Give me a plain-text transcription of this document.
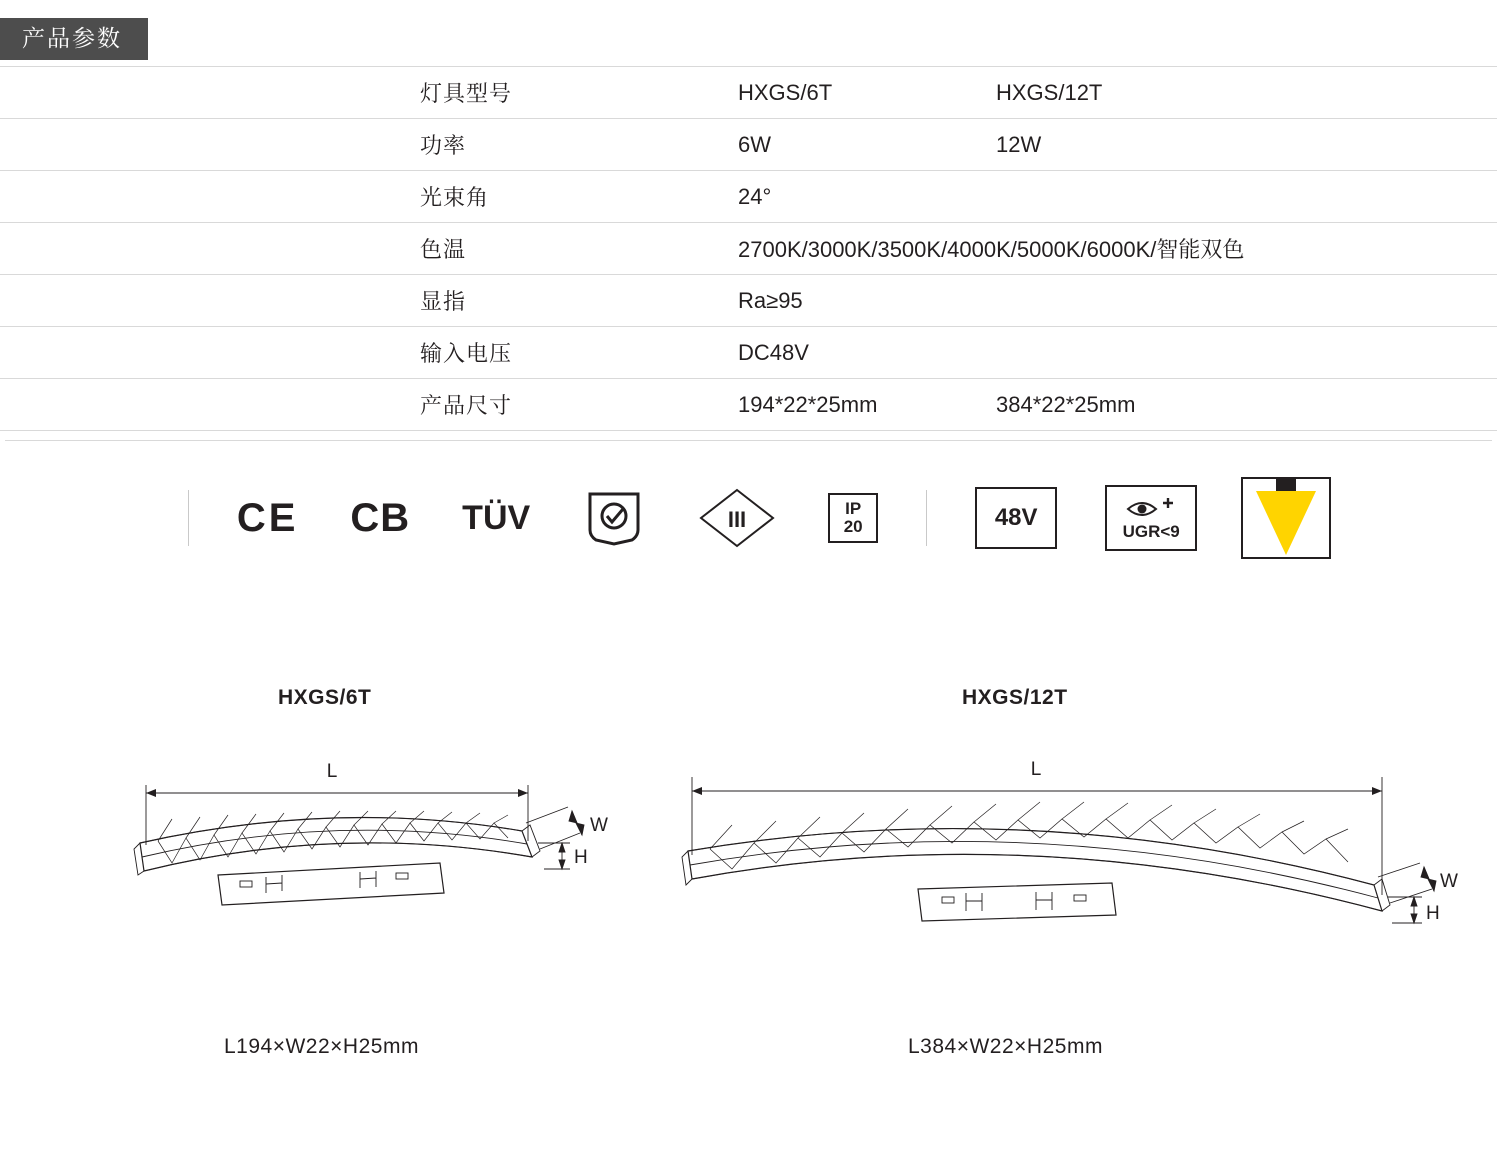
产品参数
	灯具型号	HXGS/6T	HXGS/12T	
	功率	6W	12W	
	光束角	24°		
	色温	2700K/3000K/3500K/4000K/5000K/6000K/智能双色		
	显指	Ra≥95		
	输入电压	DC48V		
	产品尺寸	194*22*25mm	384*22*25mm	
CE CB TÜV	III	IP
20	48V	UGR<9
HXGS/6T
L
W
H
L194×W22×H25mm
HXGS/12T
L
W
H
L384×W22×H25mm
